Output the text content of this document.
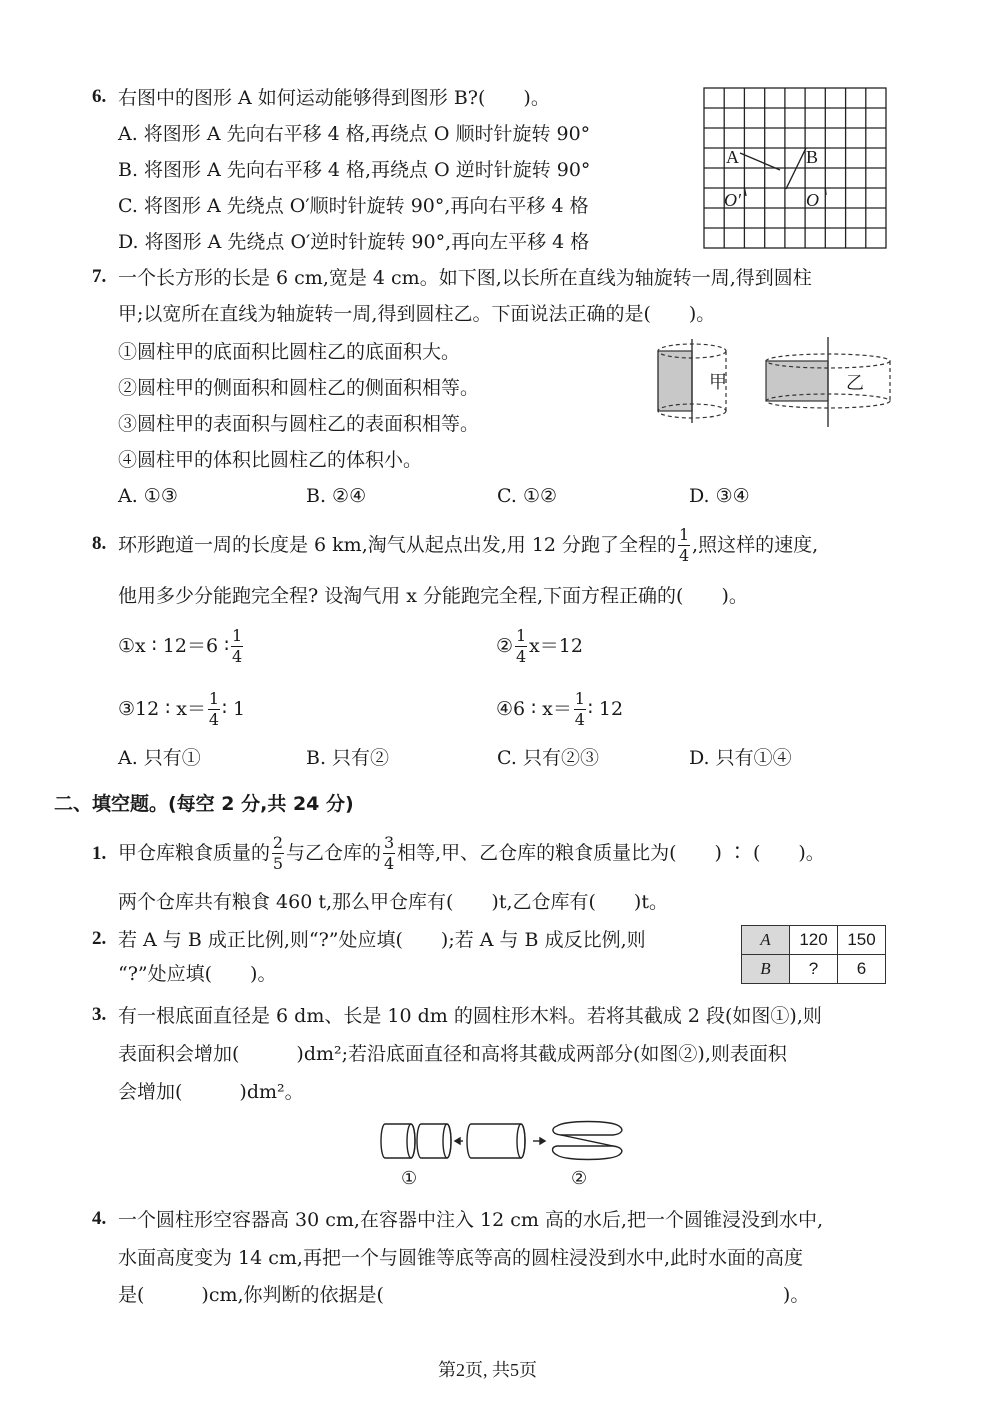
6. 右图中的图形 A 如何运动能够得到图形 B?(　　)。
A. 将图形 A 先向右平移 4 格,再绕点 O 顺时针旋转 90°
B. 将图形 A 先向右平移 4 格,再绕点 O 逆时针旋转 90°
C. 将图形 A 先绕点 O′顺时针旋转 90°,再向右平移 4 格
D. 将图形 A 先绕点 O′逆时针旋转 90°,再向左平移 4 格
A	B
O′	O
7. 一个长方形的长是 6 cm,宽是 4 cm。如下图,以长所在直线为轴旋转一周,得到圆柱
甲;以宽所在直线为轴旋转一周,得到圆柱乙。下面说法正确的是(　　)。
①圆柱甲的底面积比圆柱乙的底面积大。
②圆柱甲的侧面积和圆柱乙的侧面积相等。
③圆柱甲的表面积与圆柱乙的表面积相等。
④圆柱甲的体积比圆柱乙的体积小。
A. ①③	B. ②④	C. ①②	D. ③④
甲	乙
8. 环形跑道一周的长度是 6 km,淘气从起点出发,用 12 分跑了全程的 $\frac{1}{4}$ ,照这样的速度,
他用多少分能跑完全程? 设淘气用 x 分能跑完全程,下面方程正确的(　　)。
①x ∶ 12＝6 ∶ $\frac{1}{4}$	② $\frac{1}{4} x=12$
③12 ∶ $x= \frac{1}{4}$ ∶ 1	④6 ∶ $x= \frac{1}{4}$ ∶ 12
A. 只有①	B. 只有②	C. 只有②③	D. 只有①④
二、填空题。(每空 2 分,共 24 分)
1. 甲仓库粮食质量的 $\frac{2}{5}$ 与乙仓库的 $\frac{3}{4}$ 相等,甲、乙仓库的粮食质量比为(　　) ∶ (　　)。
两个仓库共有粮食 460 t,那么甲仓库有(　　)t,乙仓库有(　　)t。
2. 若 A 与 B 成正比例,则“?”处应填(　　);若 A 与 B 成反比例,则
“?”处应填(　　)。
A	120	150
B	?	6
3. 有一根底面直径是 6 dm、长是 10 dm 的圆柱形木料。若将其截成 2 段(如图①),则
表面积会增加(　　　)dm²;若沿底面直径和高将其截成两部分(如图②),则表面积
会增加(　　　)dm²。
①	②
4. 一个圆柱形空容器高 30 cm,在容器中注入 12 cm 高的水后,把一个圆锥浸没到水中,
水面高度变为 14 cm,再把一个与圆锥等底等高的圆柱浸没到水中,此时水面的高度
是(　　　)cm,你判断的依据是(　　　　　　　　　　　　　　　　　　　　　)。
第2页, 共5页
